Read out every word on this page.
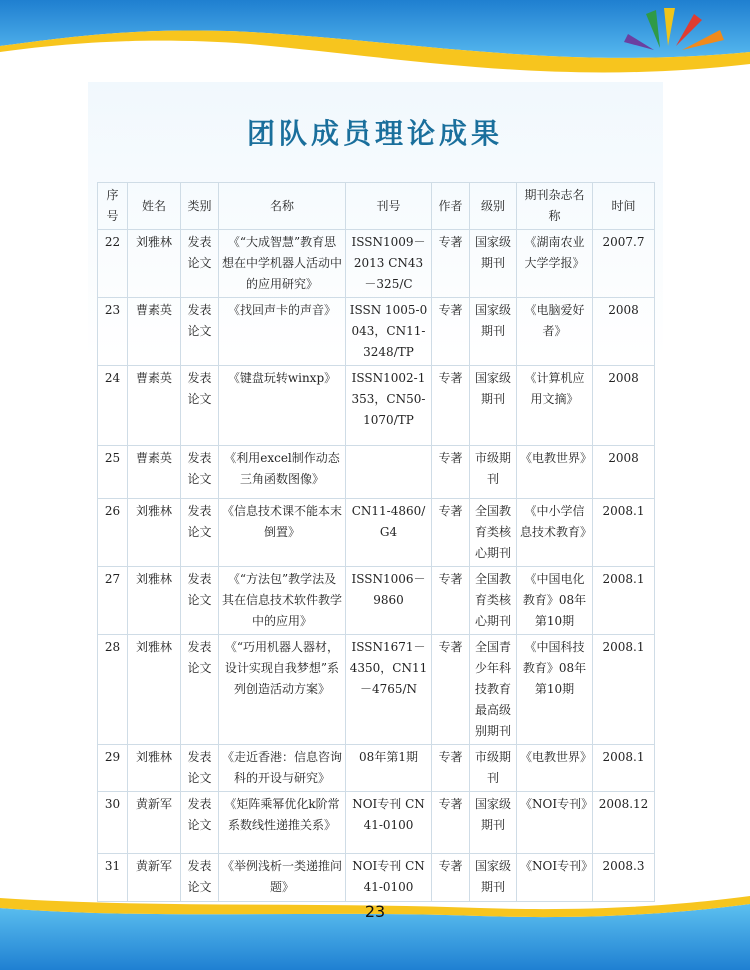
团队成员理论成果
序号	姓名	类别	名称	刊号	作者	级别	期刊杂志名称	时间
22	刘雅林	发表论文	《“大成智慧”教育思想在中学机器人活动中的应用研究》	ISSN1009－2013 CN43－325/C	专著	国家级期刊	《湖南农业大学学报》	2007.7
23	曹素英	发表论文	《找回声卡的声音》	ISSN 1005-0043，CN11-3248/TP	专著	国家级期刊	《电脑爱好者》	2008
24	曹素英	发表论文	《键盘玩转winxp》	ISSN1002-1353，CN50-1070/TP	专著	国家级期刊	《计算机应用文摘》	2008
25	曹素英	发表论文	《利用excel制作动态三角函数图像》		专著	市级期刊	《电教世界》	2008
26	刘雅林	发表论文	《信息技术课不能本末倒置》	CN11-4860/G4	专著	全国教育类核心期刊	《中小学信息技术教育》	2008.1
27	刘雅林	发表论文	《“方法包”教学法及其在信息技术软件教学中的应用》	ISSN1006－9860	专著	全国教育类核心期刊	《中国电化教育》08年第10期	2008.1
28	刘雅林	发表论文	《“巧用机器人器材，设计实现自我梦想”系列创造活动方案》	ISSN1671－4350，CN11－4765/N	专著	全国青少年科技教育最高级别期刊	《中国科技教育》08年第10期	2008.1
29	刘雅林	发表论文	《走近香港：信息咨询科的开设与研究》	08年第1期	专著	市级期刊	《电教世界》	2008.1
30	黄新军	发表论文	《矩阵乘幂优化k阶常系数线性递推关系》	NOI专刊 CN41-0100	专著	国家级期刊	《NOI专刊》	2008.12
31	黄新军	发表论文	《举例浅析一类递推问题》	NOI专刊 CN41-0100	专著	国家级期刊	《NOI专刊》	2008.3
23
